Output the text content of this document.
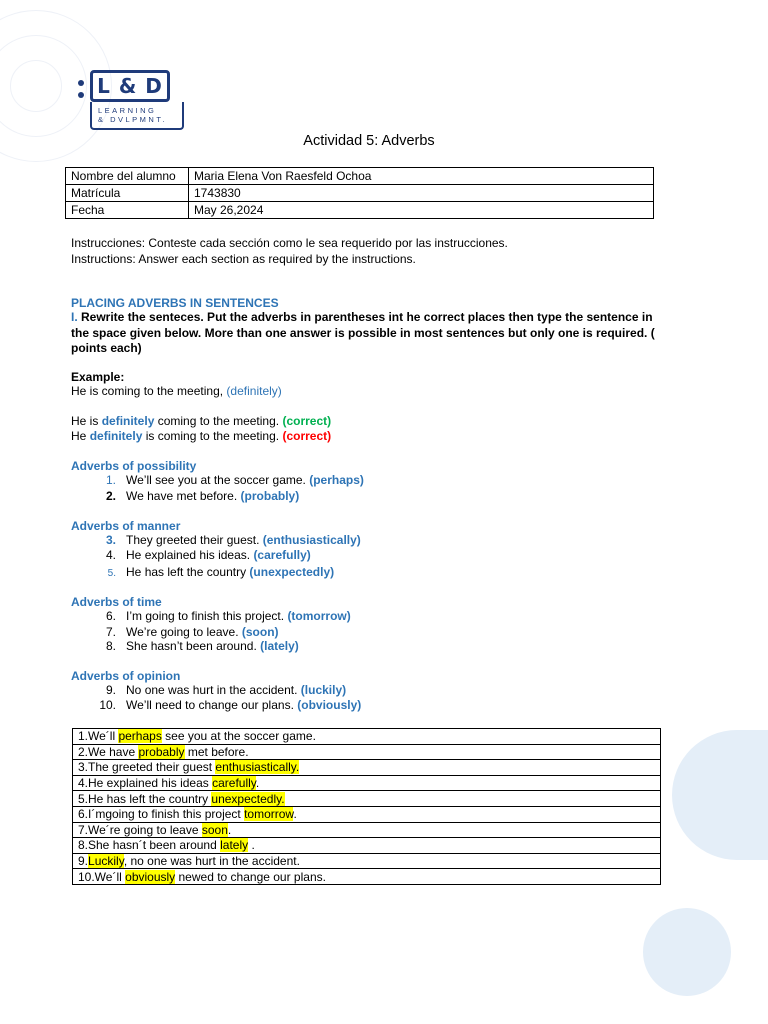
L & D
LEARNING
& DVLPMNT.
Actividad 5: Adverbs
Nombre del alumno	Maria Elena Von Raesfeld Ochoa
Matrícula	1743830
Fecha	May 26,2024
Instrucciones: Conteste cada sección como le sea requerido por las instrucciones.
Instructions: Answer each section as required by the instructions.
PLACING ADVERBS IN SENTENCES
I. Rewrite the senteces. Put the adverbs in parentheses int he correct places then type the sentence in the space given below. More than one answer is possible in most sentences but only one is required. ( points each)
Example:
He is coming to the meeting, (definitely)
He is definitely coming to the meeting. (correct)
He definitely is coming to the meeting. (correct)
Adverbs of possibility
1. We’ll see you at the soccer game. (perhaps)
2. We have met before. (probably)
Adverbs of manner
3. They greeted their guest. (enthusiastically)
4. He explained his ideas. (carefully)
5. He has left the country (unexpectedly)
Adverbs of time
6. I’m going to finish this project. (tomorrow)
7. We’re going to leave. (soon)
8. She hasn’t been around. (lately)
Adverbs of opinion
9. No one was hurt in the accident. (luckily)
10. We’ll need to change our plans. (obviously)
1.We´ll perhaps see you at the soccer game.
2.We have probably met before.
3.The greeted their guest enthusiastically.
4.He explained his ideas carefully.
5.He has left the country unexpectedly.
6.I´mgoing to finish this project tomorrow.
7.We´re going to leave soon.
8.She hasn´t been around lately .
9.Luckily, no one was hurt in the accident.
10.We´ll obviously newed to change our plans.
